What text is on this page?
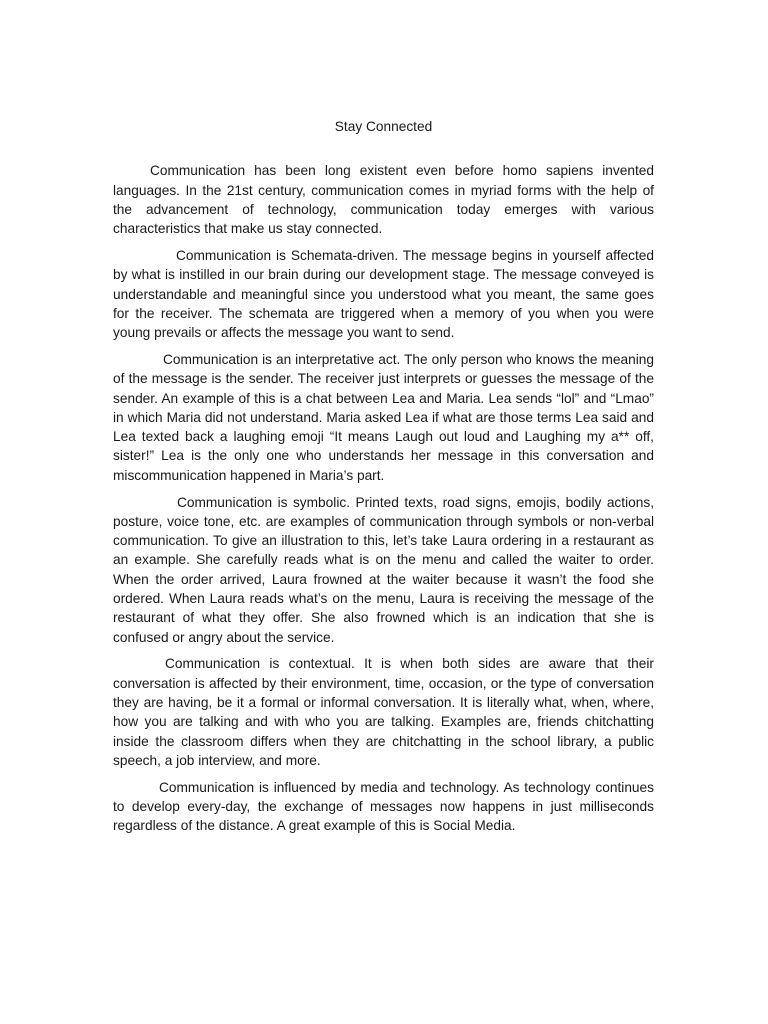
Stay Connected

Communication has been long existent even before homo sapiens invented languages. In the 21st century, communication comes in myriad forms with the help of the advancement of technology, communication today emerges with various characteristics that make us stay connected.

Communication is Schemata-driven. The message begins in yourself affected by what is instilled in our brain during our development stage. The message conveyed is understandable and meaningful since you understood what you meant, the same goes for the receiver. The schemata are triggered when a memory of you when you were young prevails or affects the message you want to send.

Communication is an interpretative act. The only person who knows the meaning of the message is the sender. The receiver just interprets or guesses the message of the sender. An example of this is a chat between Lea and Maria. Lea sends “lol” and “Lmao” in which Maria did not understand. Maria asked Lea if what are those terms Lea said and Lea texted back a laughing emoji “It means Laugh out loud and Laughing my a** off, sister!” Lea is the only one who understands her message in this conversation and miscommunication happened in Maria’s part.

Communication is symbolic. Printed texts, road signs, emojis, bodily actions, posture, voice tone, etc. are examples of communication through symbols or non-verbal communication. To give an illustration to this, let’s take Laura ordering in a restaurant as an example. She carefully reads what is on the menu and called the waiter to order. When the order arrived, Laura frowned at the waiter because it wasn’t the food she ordered. When Laura reads what’s on the menu, Laura is receiving the message of the restaurant of what they offer. She also frowned which is an indication that she is confused or angry about the service.

Communication is contextual. It is when both sides are aware that their conversation is affected by their environment, time, occasion, or the type of conversation they are having, be it a formal or informal conversation. It is literally what, when, where, how you are talking and with who you are talking. Examples are, friends chitchatting inside the classroom differs when they are chitchatting in the school library, a public speech, a job interview, and more.

Communication is influenced by media and technology. As technology continues to develop every-day, the exchange of messages now happens in just milliseconds regardless of the distance. A great example of this is Social Media.
